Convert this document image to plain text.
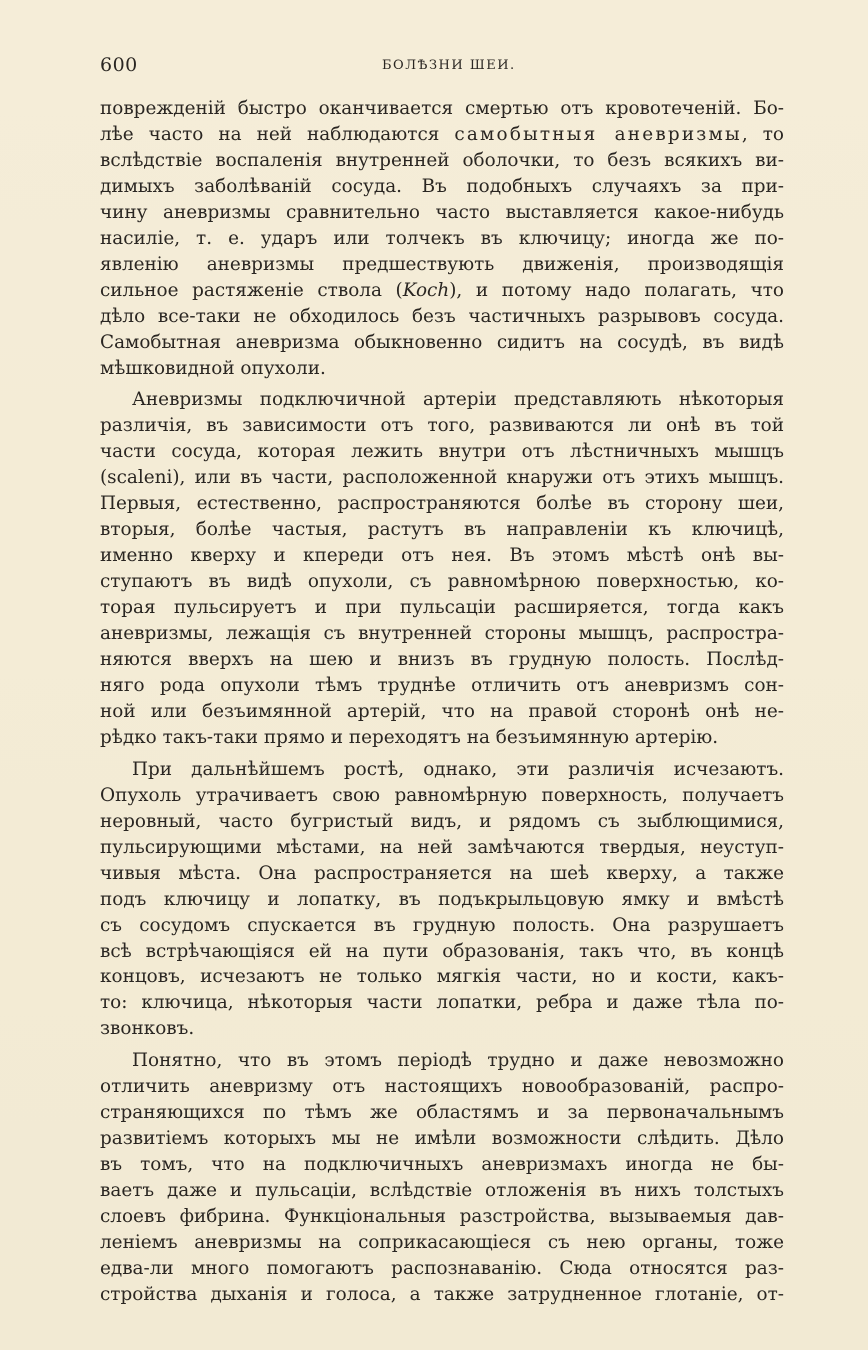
600	БОЛѢЗНИ ШЕИ.
поврежденій быстро оканчивается смертью отъ кровотеченій. Бо-
лѣе часто на ней наблюдаются самобытныя аневризмы, то
вслѣдствіе воспаленія внутренней оболочки, то безъ всякихъ ви-
димыхъ заболѣваній сосуда. Въ подобныхъ случаяхъ за при-
чину аневризмы сравнительно часто выставляется какое-нибудь
насиліе, т. е. ударъ или толчекъ въ ключицу; иногда же по-
явленію аневризмы предшествують движенія, производящія
сильное растяженіе ствола (Koch), и потому надо полагать, что
дѣло все-таки не обходилось безъ частичныхъ разрывовъ сосуда.
Самобытная аневризма обыкновенно сидитъ на сосудѣ, въ видѣ
мѣшковидной опухоли.
Аневризмы подключичной артеріи представляють нѣкоторыя
различія, въ зависимости отъ того, развиваются ли онѣ въ той
части сосуда, которая лежить внутри отъ лѣстничныхъ мышцъ
(scaleni), или въ части, расположенной кнаружи отъ этихъ мышцъ.
Первыя, естественно, распространяются болѣе въ сторону шеи,
вторыя, болѣе частыя, растутъ въ направленіи къ ключицѣ,
именно кверху и кпереди отъ нея. Въ этомъ мѣстѣ онѣ вы-
ступаютъ въ видѣ опухоли, съ равномѣрною поверхностью, ко-
торая пульсируетъ и при пульсаціи расширяется, тогда какъ
аневризмы, лежащія съ внутренней стороны мышцъ, распростра-
няются вверхъ на шею и внизъ въ грудную полость. Послѣд-
няго рода опухоли тѣмъ труднѣе отличить отъ аневризмъ сон-
ной или безъимянной артерій, что на правой сторонѣ онѣ не-
рѣдко такъ-таки прямо и переходятъ на безъимянную артерію.
При дальнѣйшемъ ростѣ, однако, эти различія исчезаютъ.
Опухоль утрачиваетъ свою равномѣрную поверхность, получаетъ
неровный, часто бугристый видъ, и рядомъ съ зыблющимися,
пульсирующими мѣстами, на ней замѣчаются твердыя, неуступ-
чивыя мѣста. Она распространяется на шеѣ кверху, а также
подъ ключицу и лопатку, въ подъкрыльцовую ямку и вмѣстѣ
съ сосудомъ спускается въ грудную полость. Она разрушаетъ
всѣ встрѣчающіяся ей на пути образованія, такъ что, въ концѣ
концовъ, исчезаютъ не только мягкія части, но и кости, какъ-
то: ключица, нѣкоторыя части лопатки, ребра и даже тѣла по-
звонковъ.
Понятно, что въ этомъ періодѣ трудно и даже невозможно
отличить аневризму отъ настоящихъ новообразованій, распро-
страняющихся по тѣмъ же областямъ и за первоначальнымъ
развитіемъ которыхъ мы не имѣли возможности слѣдить. Дѣло
въ томъ, что на подключичныхъ аневризмахъ иногда не бы-
ваетъ даже и пульсаціи, вслѣдствіе отложенія въ нихъ толстыхъ
слоевъ фибрина. Функціональныя разстройства, вызываемыя дав-
леніемъ аневризмы на соприкасающіеся съ нею органы, тоже
едва-ли много помогаютъ распознаванію. Сюда относятся раз-
стройства дыханія и голоса, а также затрудненное глотаніе, от-
